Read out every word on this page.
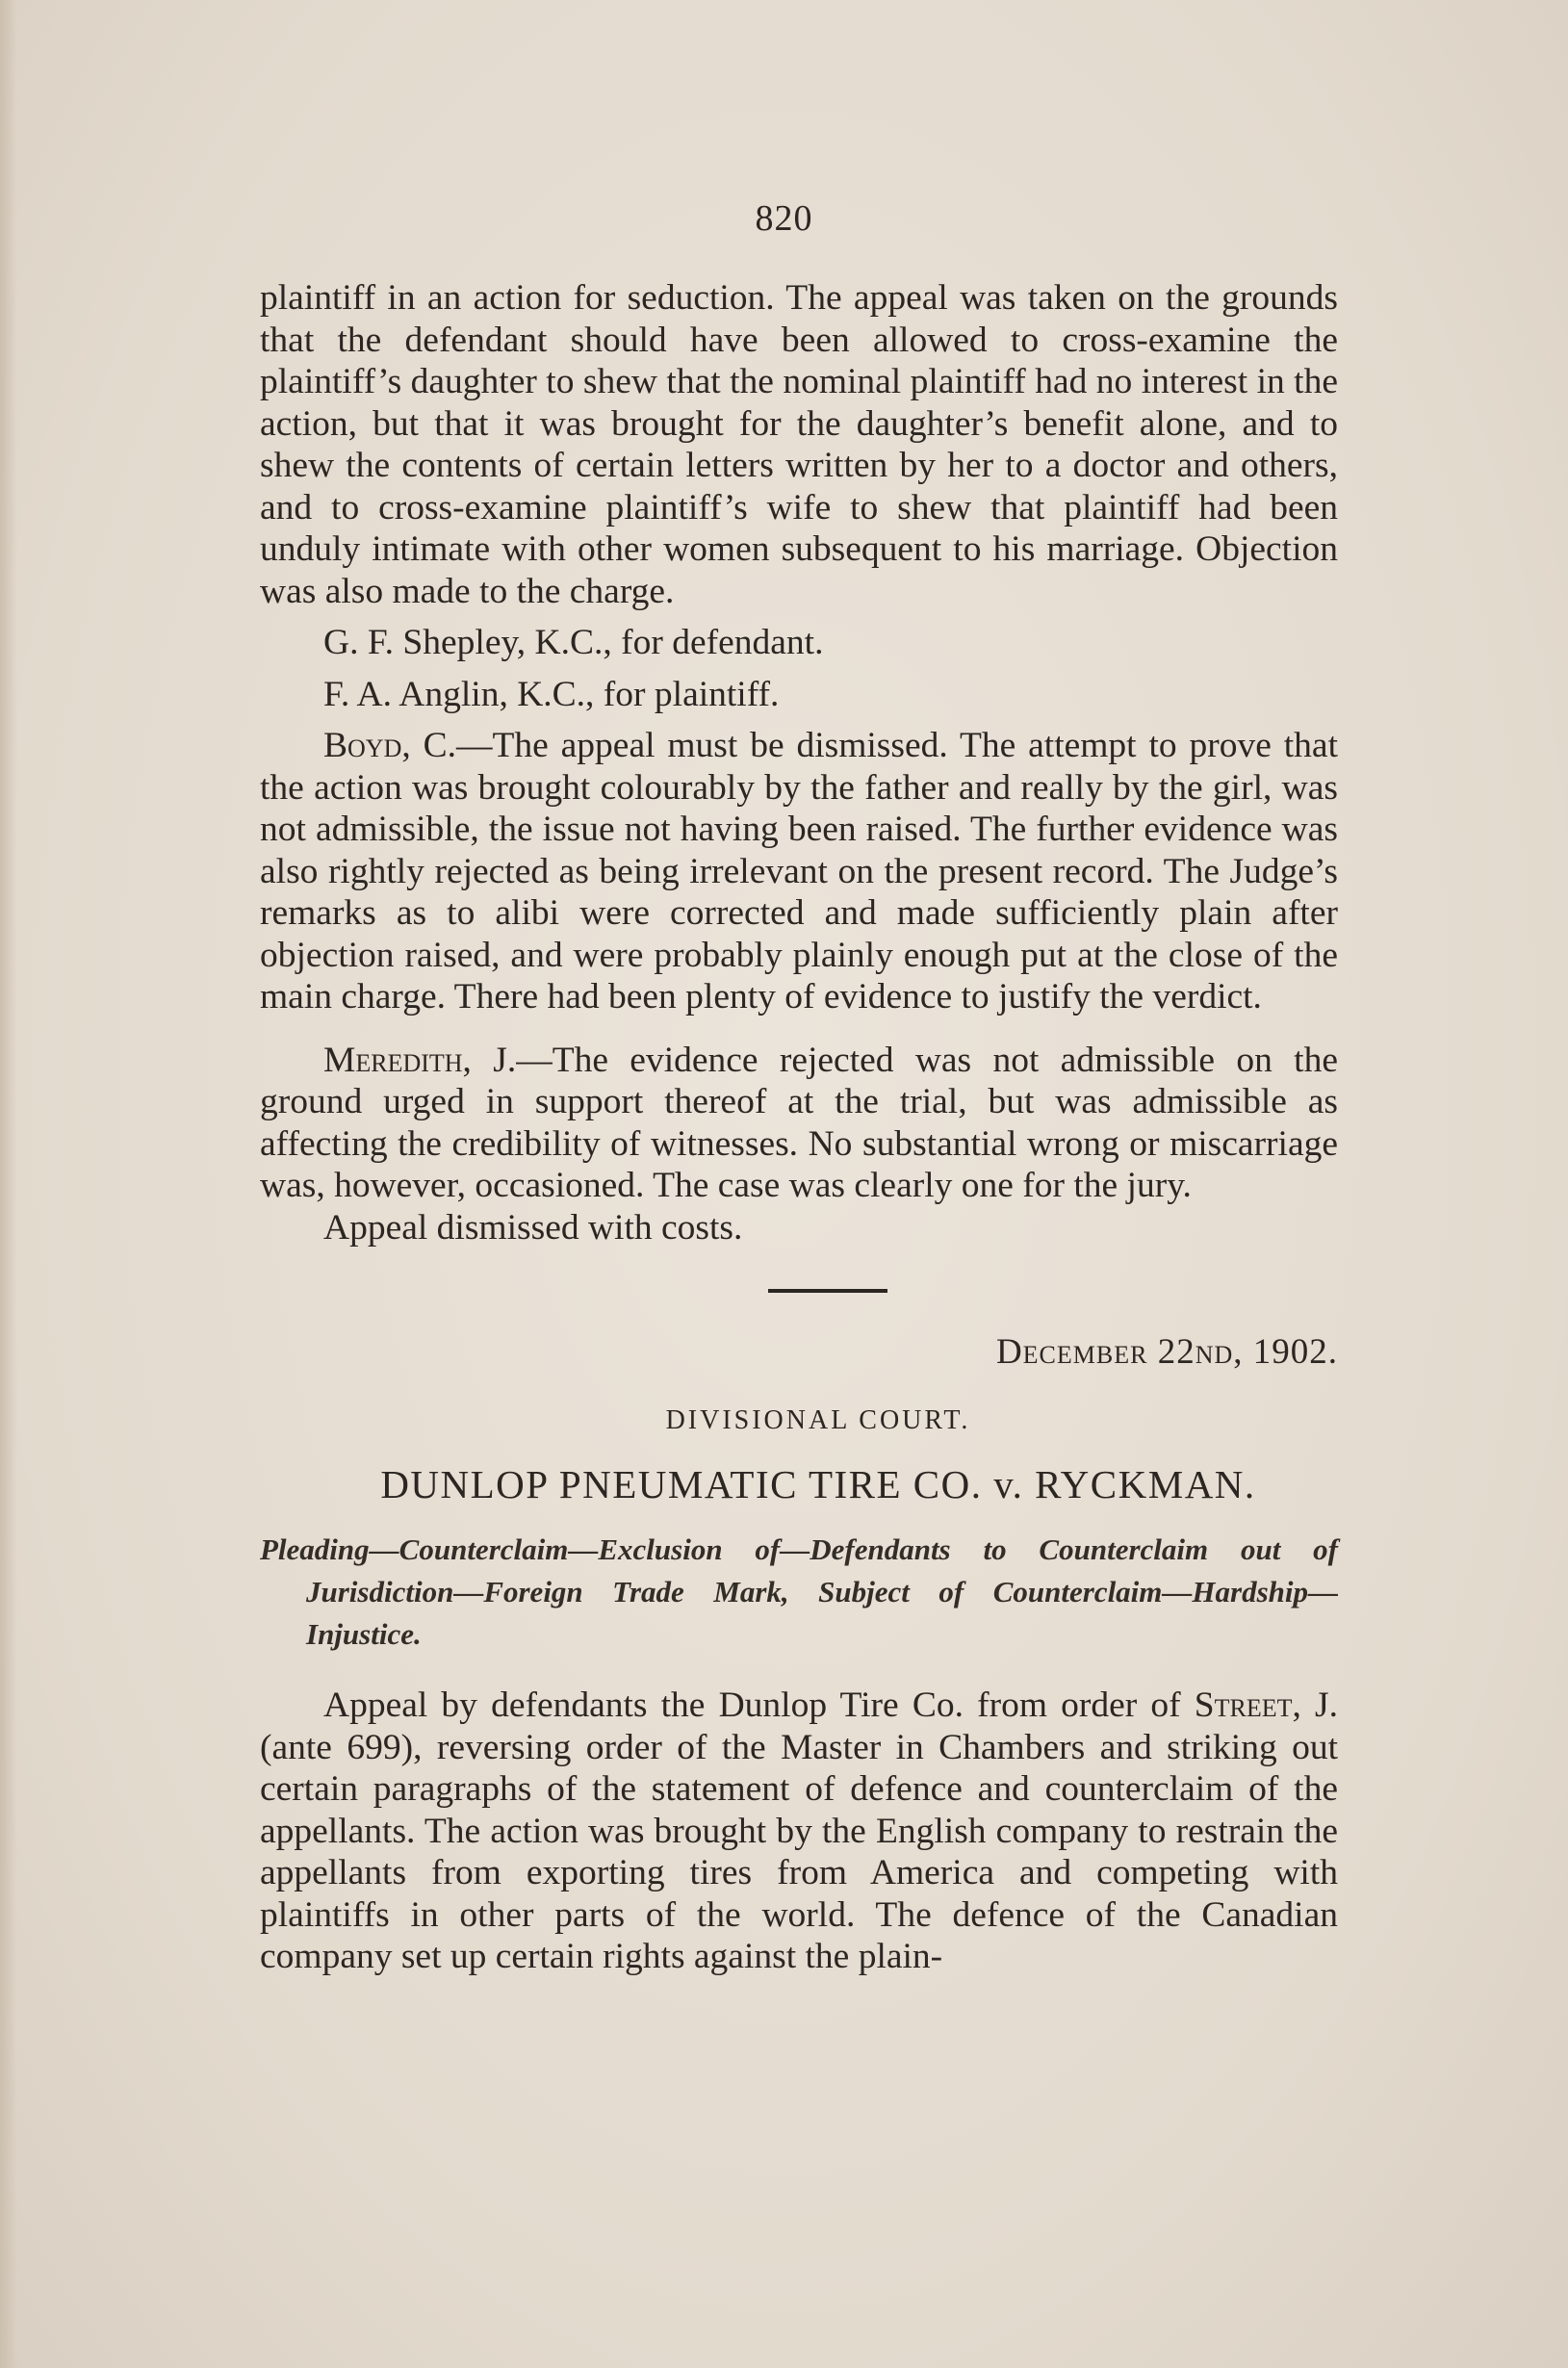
820

plaintiff in an action for seduction. The appeal was taken on the grounds that the defendant should have been allowed to cross-examine the plaintiff’s daughter to shew that the nominal plaintiff had no interest in the action, but that it was brought for the daughter’s benefit alone, and to shew the contents of certain letters written by her to a doctor and others, and to cross-examine plaintiff’s wife to shew that plaintiff had been unduly intimate with other women subsequent to his marriage. Objection was also made to the charge.

G. F. Shepley, K.C., for defendant.

F. A. Anglin, K.C., for plaintiff.

Boyd, C.—The appeal must be dismissed. The attempt to prove that the action was brought colourably by the father and really by the girl, was not admissible, the issue not having been raised. The further evidence was also rightly rejected as being irrelevant on the present record. The Judge’s remarks as to alibi were corrected and made sufficiently plain after objection raised, and were probably plainly enough put at the close of the main charge. There had been plenty of evidence to justify the verdict.

Meredith, J.—The evidence rejected was not admissible on the ground urged in support thereof at the trial, but was admissible as affecting the credibility of witnesses. No substantial wrong or miscarriage was, however, occasioned. The case was clearly one for the jury.

Appeal dismissed with costs.

December 22nd, 1902.
DIVISIONAL COURT.
DUNLOP PNEUMATIC TIRE CO. v. RYCKMAN.
Pleading—Counterclaim—Exclusion of—Defendants to Counterclaim out of Jurisdiction—Foreign Trade Mark, Subject of Counterclaim—Hardship—Injustice.

Appeal by defendants the Dunlop Tire Co. from order of Street, J. (ante 699), reversing order of the Master in Chambers and striking out certain paragraphs of the statement of defence and counterclaim of the appellants. The action was brought by the English company to restrain the appellants from exporting tires from America and competing with plaintiffs in other parts of the world. The defence of the Canadian company set up certain rights against the plain-
